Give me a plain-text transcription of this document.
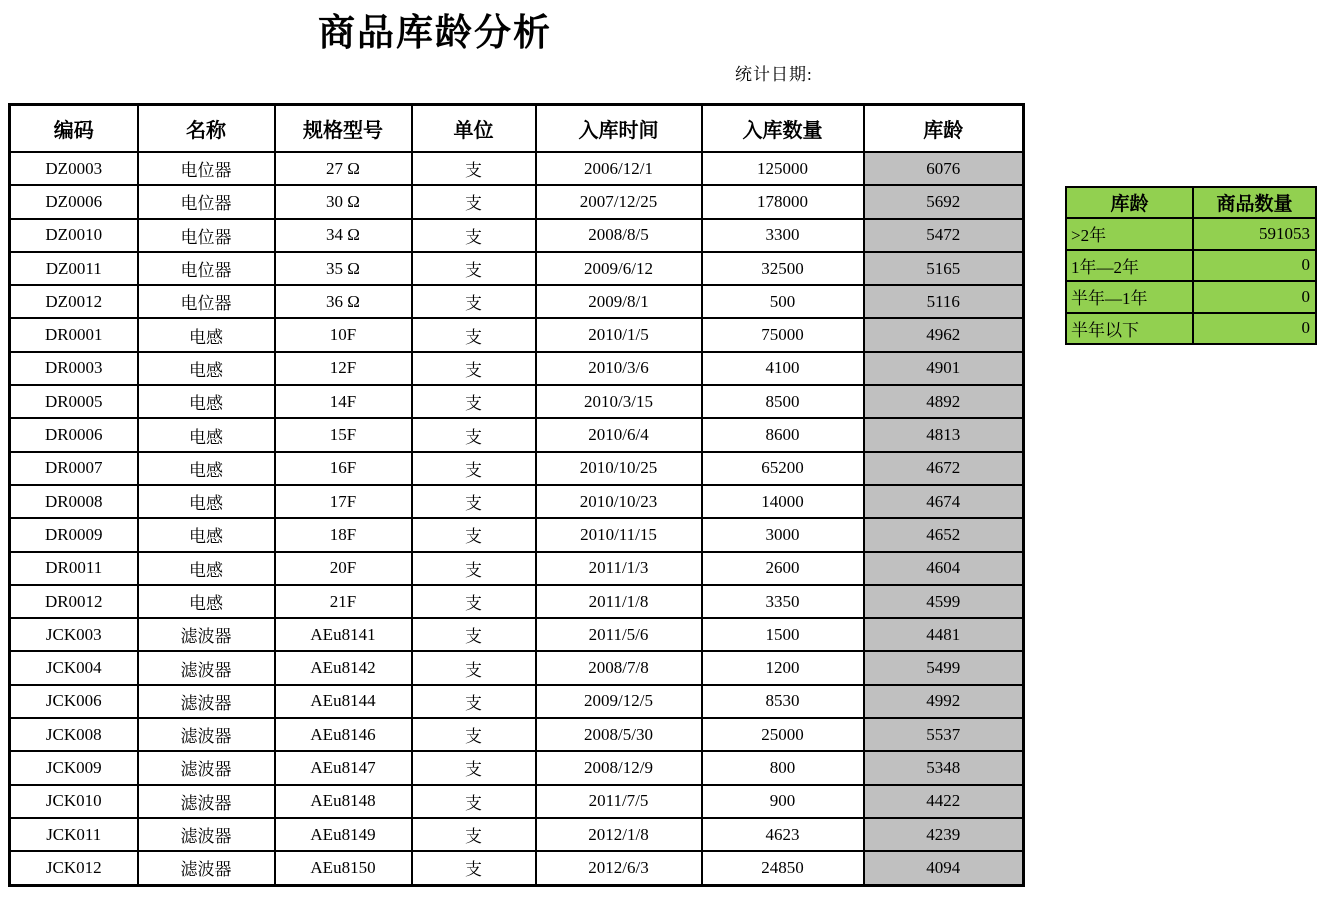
商品库龄分析
统计日期:
编码	名称	规格型号	单位	入库时间	入库数量	库龄
DZ0003	电位器	27 Ω	支	2006/12/1	125000	6076
DZ0006	电位器	30 Ω	支	2007/12/25	178000	5692
DZ0010	电位器	34 Ω	支	2008/8/5	3300	5472
DZ0011	电位器	35 Ω	支	2009/6/12	32500	5165
DZ0012	电位器	36 Ω	支	2009/8/1	500	5116
DR0001	电感	10F	支	2010/1/5	75000	4962
DR0003	电感	12F	支	2010/3/6	4100	4901
DR0005	电感	14F	支	2010/3/15	8500	4892
DR0006	电感	15F	支	2010/6/4	8600	4813
DR0007	电感	16F	支	2010/10/25	65200	4672
DR0008	电感	17F	支	2010/10/23	14000	4674
DR0009	电感	18F	支	2010/11/15	3000	4652
DR0011	电感	20F	支	2011/1/3	2600	4604
DR0012	电感	21F	支	2011/1/8	3350	4599
JCK003	滤波器	AEu8141	支	2011/5/6	1500	4481
JCK004	滤波器	AEu8142	支	2008/7/8	1200	5499
JCK006	滤波器	AEu8144	支	2009/12/5	8530	4992
JCK008	滤波器	AEu8146	支	2008/5/30	25000	5537
JCK009	滤波器	AEu8147	支	2008/12/9	800	5348
JCK010	滤波器	AEu8148	支	2011/7/5	900	4422
JCK011	滤波器	AEu8149	支	2012/1/8	4623	4239
JCK012	滤波器	AEu8150	支	2012/6/3	24850	4094
库龄	商品数量
>2年	591053
1年—2年	0
半年—1年	0
半年以下	0
